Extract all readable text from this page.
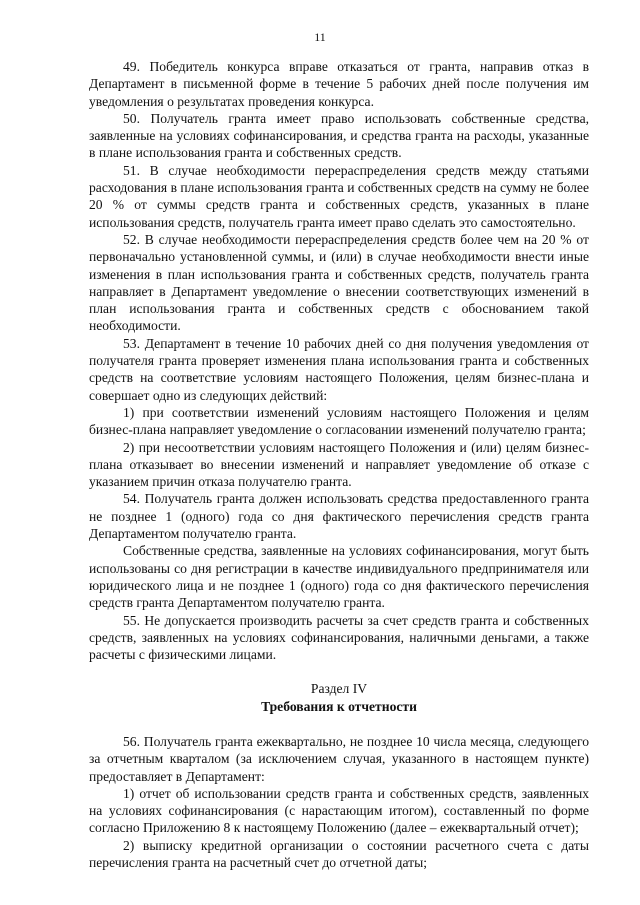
11

49. Победитель конкурса вправе отказаться от гранта, направив отказ в Департамент в письменной форме в течение 5 рабочих дней после получения им уведомления о результатах проведения конкурса.

50. Получатель гранта имеет право использовать собственные средства, заявленные на условиях софинансирования, и средства гранта на расходы, указанные в плане использования гранта и собственных средств.

51. В случае необходимости перераспределения средств между статьями расходования в плане использования гранта и собственных средств на сумму не более 20 % от суммы средств гранта и собственных средств, указанных в плане использования средств, получатель гранта имеет право сделать это самостоятельно.

52. В случае необходимости перераспределения средств более чем на 20 % от первоначально установленной суммы, и (или) в случае необходимости внести иные изменения в план использования гранта и собственных средств, получатель гранта направляет в Департамент уведомление о внесении соответствующих изменений в план использования гранта и собственных средств с обоснованием такой необходимости.

53. Департамент в течение 10 рабочих дней со дня получения уведомления от получателя гранта проверяет изменения плана использования гранта и собственных средств на соответствие условиям настоящего Положения, целям бизнес-плана и совершает одно из следующих действий:

1) при соответствии изменений условиям настоящего Положения и целям бизнес-плана направляет уведомление о согласовании изменений получателю гранта;

2) при несоответствии условиям настоящего Положения и (или) целям бизнес-плана отказывает во внесении изменений и направляет уведомление об отказе с указанием причин отказа получателю гранта.

54. Получатель гранта должен использовать средства предоставленного гранта не позднее 1 (одного) года со дня фактического перечисления средств гранта Департаментом получателю гранта.

Собственные средства, заявленные на условиях софинансирования, могут быть использованы со дня регистрации в качестве индивидуального предпринимателя или юридического лица и не позднее 1 (одного) года со дня фактического перечисления средств гранта Департаментом получателю гранта.

55. Не допускается производить расчеты за счет средств гранта и собственных средств, заявленных на условиях софинансирования, наличными деньгами, а также расчеты с физическими лицами.

Раздел IV

Требования к отчетности

56. Получатель гранта ежеквартально, не позднее 10 числа месяца, следующего за отчетным кварталом (за исключением случая, указанного в настоящем пункте) предоставляет в Департамент:

1) отчет об использовании средств гранта и собственных средств, заявленных на условиях софинансирования (с нарастающим итогом), составленный по форме согласно Приложению 8 к настоящему Положению (далее – ежеквартальный отчет);

2) выписку кредитной организации о состоянии расчетного счета с даты перечисления гранта на расчетный счет до отчетной даты;
